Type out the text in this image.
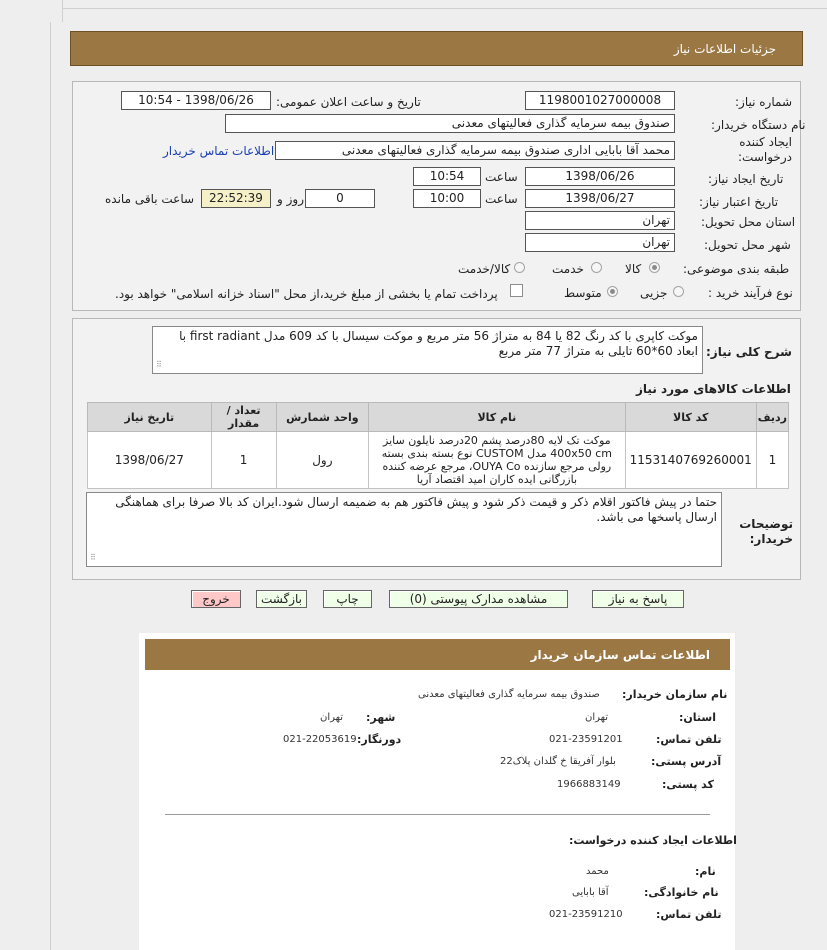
جزئیات اطلاعات نیاز
شماره نیاز:
1198001027000008
تاریخ و ساعت اعلان عمومی:
1398/06/26 - 10:54
نام دستگاه خریدار:
صندوق بیمه سرمایه گذاری فعالیتهای معدنی
ایجاد کننده درخواست:
محمد آقا بابایی اداری صندوق بیمه سرمایه گذاری فعالیتهای معدنی
اطلاعات تماس خریدار
تاریخ ایجاد نیاز:
1398/06/26
ساعت
10:54
تاریخ اعتبار نیاز:
1398/06/27
ساعت
10:00
0
روز و
22:52:39
ساعت باقی مانده
استان محل تحویل:
تهران
شهر محل تحویل:
تهران
طبقه بندی موضوعی:
کالا
خدمت
کالا/خدمت
نوع فرآیند خرید :
جزیی
متوسط
پرداخت تمام یا بخشی از مبلغ خرید،از محل "اسناد خزانه اسلامی" خواهد بود.
شرح کلی نیاز:
موکت کاپری با کد رنگ 82 یا 84 به متراژ 56 متر مربع و موکت سیسال با کد 609 مدل first radiant با ابعاد 60*60 تایلی به متراژ 77 متر مربع
⠿
اطلاعات کالاهای مورد نیاز
ردیف	کد کالا	نام کالا	واحد شمارش	تعداد / مقدار	تاریخ نیاز
1	1153140769260001	موکت تک لایه 80درصد پشم 20درصد نایلون سایز 400x50 cm مدل CUSTOM نوع بسته بندی بسته رولی مرجع سازنده OUYA Co، مرجع عرضه کننده بازرگانی ایده کاران امید اقتصاد آریا	رول	1	1398/06/27
توضیحات خریدار:
حتما در پیش فاکتور اقلام ذکر و قیمت ذکر شود و پیش فاکتور هم به ضمیمه ارسال شود.ایران کد بالا صرفا برای هماهنگی ارسال پاسخها می باشد.
⠿
پاسخ به نیاز
مشاهده مدارک پیوستی (0)
چاپ
بازگشت
خروج
اطلاعات تماس سازمان خریدار
نام سازمان خریدار:
صندوق بیمه سرمایه گذاری فعالیتهای معدنی
استان:
تهران
شهر:
تهران
تلفن تماس:
021-23591201
دورنگار:
021-22053619
آدرس پستی:
بلوار آفریقا خ گلدان پلاک22
کد پستی:
1966883149
اطلاعات ایجاد کننده درخواست:
نام:
محمد
نام خانوادگی:
آقا بابایی
تلفن تماس:
021-23591210
